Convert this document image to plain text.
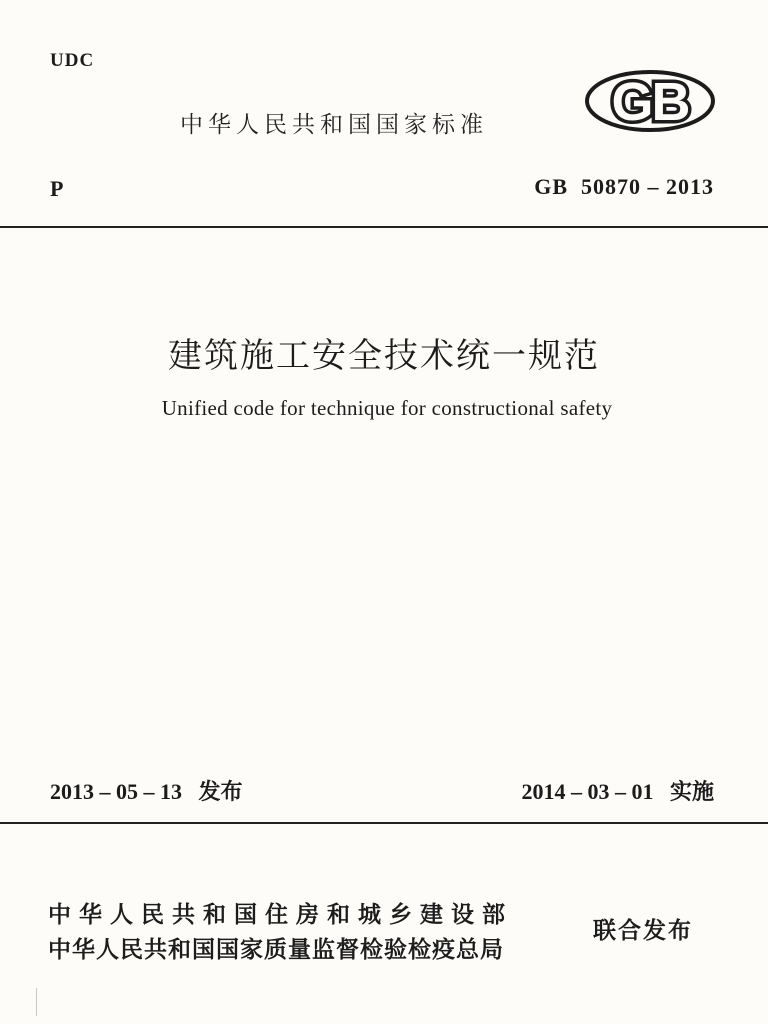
UDC
中华人民共和国国家标准 GB
P	GB  50870 – 2013
建筑施工安全技术统一规范
Unified code for technique for constructional safety
2013 – 05 – 13 发布	2014 – 03 – 01 实施
中华人民共和国住房和城乡建设部
中华人民共和国国家质量监督检验检疫总局
联合发布
